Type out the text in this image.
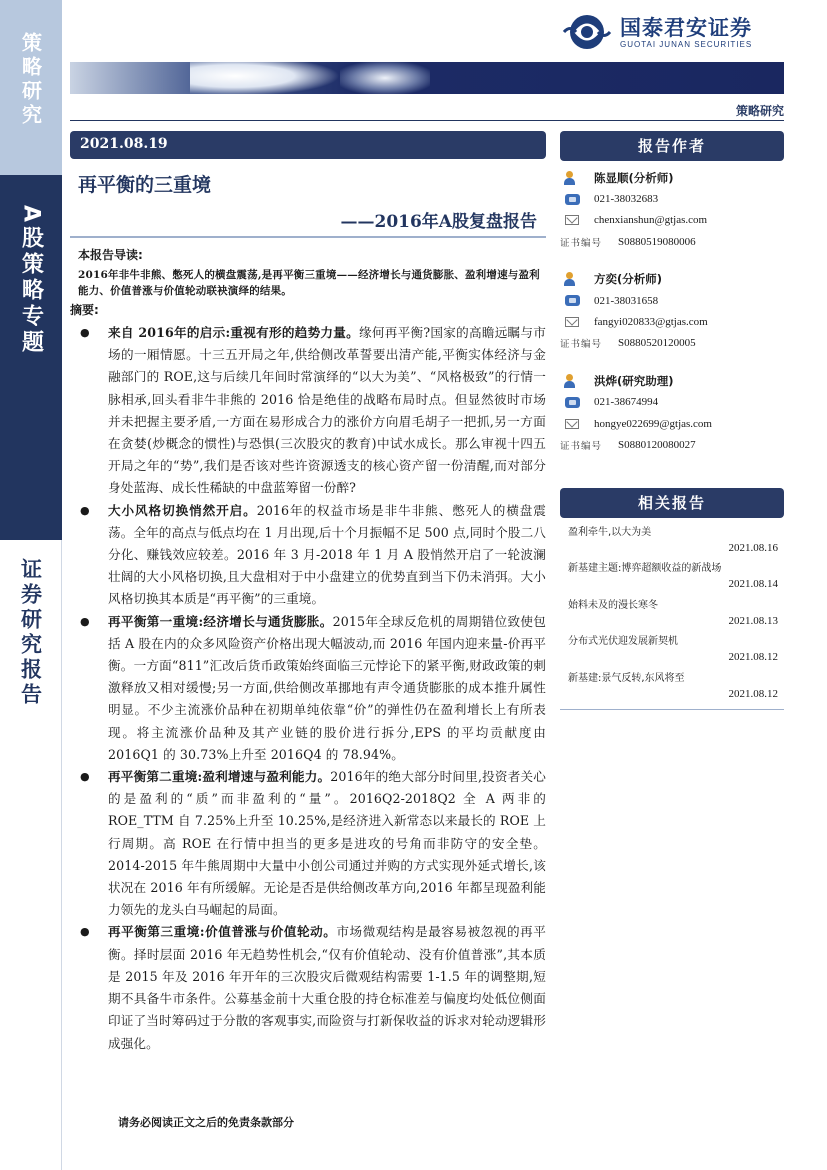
策略研究
A股策略专题
证券研究报告
国泰君安证券
GUOTAI JUNAN SECURITIES
策略研究
2021.08.19
再平衡的三重境
——2016年A股复盘报告
本报告导读:
2016年非牛非熊、憋死人的横盘震荡,是再平衡三重境——经济增长与通货膨胀、盈利增速与盈利能力、价值普涨与价值轮动联袂演绎的结果。
摘要:
● 来自 2016年的启示:重视有形的趋势力量。缘何再平衡?国家的高瞻远瞩与市场的一厢情愿。十三五开局之年,供给侧改革誓要出清产能,平衡实体经济与金融部门的 ROE,这与后续几年间时常演绎的“以大为美”、“风格极致”的行情一脉相承,回头看非牛非熊的 2016 恰是绝佳的战略布局时点。但显然彼时市场并未把握主要矛盾,一方面在易形成合力的涨价方向眉毛胡子一把抓,另一方面在贪婪(炒概念的惯性)与恐惧(三次股灾的教育)中试水成长。那么审视十四五开局之年的“势”,我们是否该对些许资源透支的核心资产留一份清醒,而对部分身处蓝海、成长性稀缺的中盘蓝筹留一份醉?
● 大小风格切换悄然开启。2016年的权益市场是非牛非熊、憋死人的横盘震荡。全年的高点与低点均在 1 月出现,后十个月振幅不足 500 点,同时个股二八分化、赚钱效应较差。2016 年 3 月-2018 年 1 月 A 股悄然开启了一轮波澜壮阔的大小风格切换,且大盘相对于中小盘建立的优势直到当下仍未消弭。大小风格切换其本质是“再平衡”的三重境。
● 再平衡第一重境:经济增长与通货膨胀。2015年全球反危机的周期错位致使包括 A 股在内的众多风险资产价格出现大幅波动,而 2016 年国内迎来量-价再平衡。一方面“811”汇改后货币政策始终面临三元悖论下的紧平衡,财政政策的刺激释放又相对缓慢;另一方面,供给侧改革挪地有声令通货膨胀的成本推升属性明显。不少主流涨价品种在初期单纯依靠“价”的弹性仍在盈利增长上有所表现。将主流涨价品种及其产业链的股价进行拆分,EPS 的平均贡献度由 2016Q1 的 30.73%上升至 2016Q4 的 78.94%。
● 再平衡第二重境:盈利增速与盈利能力。2016年的绝大部分时间里,投资者关心的是盈利的“质”而非盈利的“量”。2016Q2-2018Q2 全 A 两非的 ROE_TTM 自 7.25%上升至 10.25%,是经济进入新常态以来最长的 ROE 上行周期。高 ROE 在行情中担当的更多是进攻的号角而非防守的安全垫。2014-2015 年牛熊周期中大量中小创公司通过并购的方式实现外延式增长,该状况在 2016 年有所缓解。无论是否是供给侧改革方向,2016 年都呈现盈利能力领先的龙头白马崛起的局面。
● 再平衡第三重境:价值普涨与价值轮动。市场微观结构是最容易被忽视的再平衡。择时层面 2016 年无趋势性机会,“仅有价值轮动、没有价值普涨”,其本质是 2015 年及 2016 年开年的三次股灾后微观结构需要 1-1.5 年的调整期,短期不具备牛市条件。公募基金前十大重仓股的持仓标准差与偏度均处低位侧面印证了当时筹码过于分散的客观事实,而险资与打新保收益的诉求对轮动逻辑形成强化。
请务必阅读正文之后的免责条款部分
报告作者
陈显顺(分析师)
021-38032683
chenxianshun@gtjas.com
证书编号	S0880519080006
方奕(分析师)
021-38031658
fangyi020833@gtjas.com
证书编号	S0880520120005
洪烨(研究助理)
021-38674994
hongye022699@gtjas.com
证书编号	S0880120080027
相关报告
盈利牵牛,以大为美
2021.08.16
新基建主题:博弈超额收益的新战场
2021.08.14
始料未及的漫长寒冬
2021.08.13
分布式光伏迎发展新契机
2021.08.12
新基建:景气反转,东风将至
2021.08.12
